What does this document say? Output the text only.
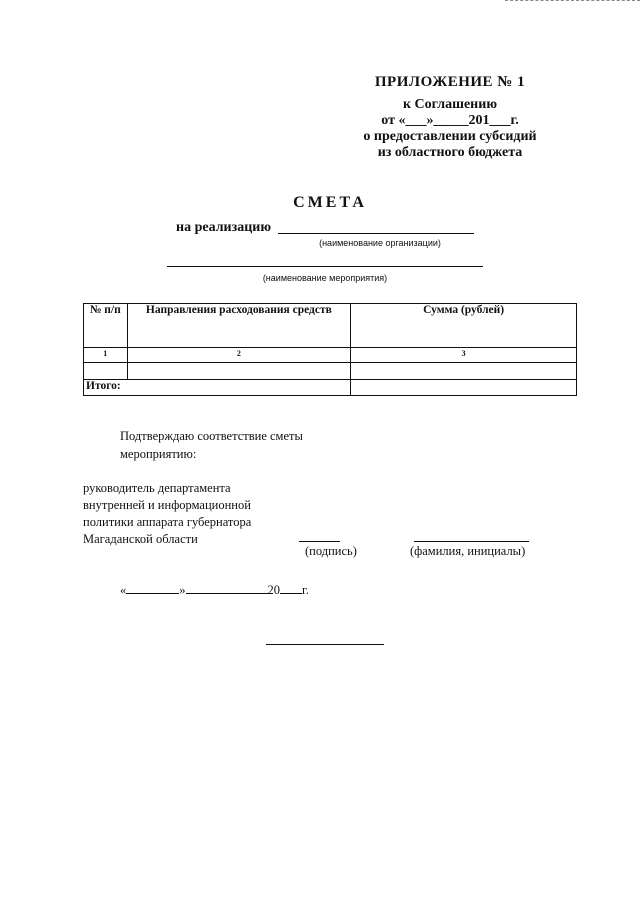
ПРИЛОЖЕНИЕ № 1
к Соглашению
от «___»_____201___г.
о предоставлении субсидий
из областного бюджета
СМЕТА
на реализацию
(наименование организации)
(наименование мероприятия)
№ п/п	Направления расходования средств	Сумма (рублей)
1	2	3

Итого:		
Подтверждаю соответствие сметы
мероприятию:
руководитель департамента
внутренней и информационной
политики аппарата губернатора
Магаданской области
(подпись)	(фамилия, инициалы)
«	»	20 г.
